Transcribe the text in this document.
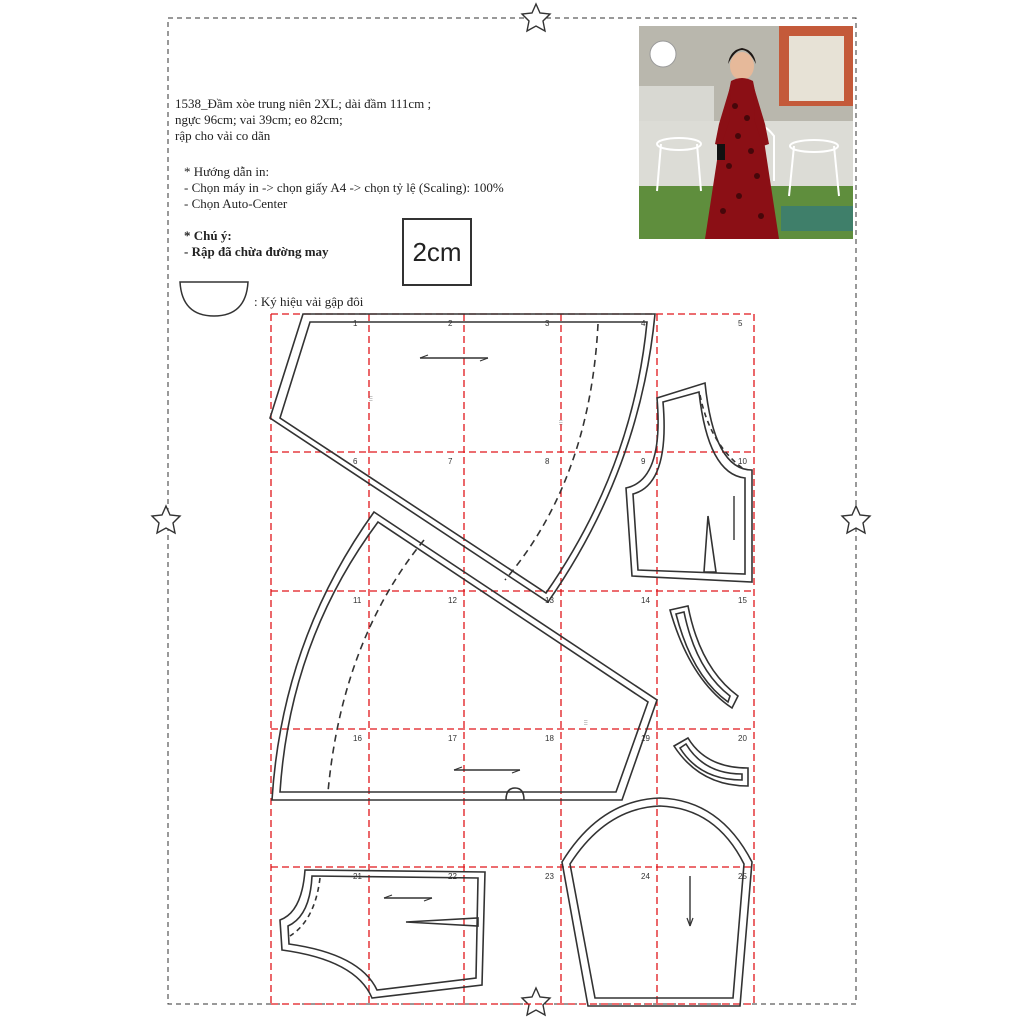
1538_Đầm xòe trung niên 2XL; dài đầm 111cm ;
ngực 96cm; vai 39cm; eo 82cm;
rập cho vải co dãn
* Hướng dẫn in:
- Chọn máy in -> chọn giấy A4 -> chọn tỷ lệ (Scaling): 100%
- Chọn Auto-Center
* Chú ý:
- Rập đã chừa đường may	2cm
: Ký hiệu vải gập đôi
| | |
| | |
| | |
1	2	3	4	5
6	7	8	9	10
11	12	13	14	15
16	17	18	19	20
21	22	23	24	25
